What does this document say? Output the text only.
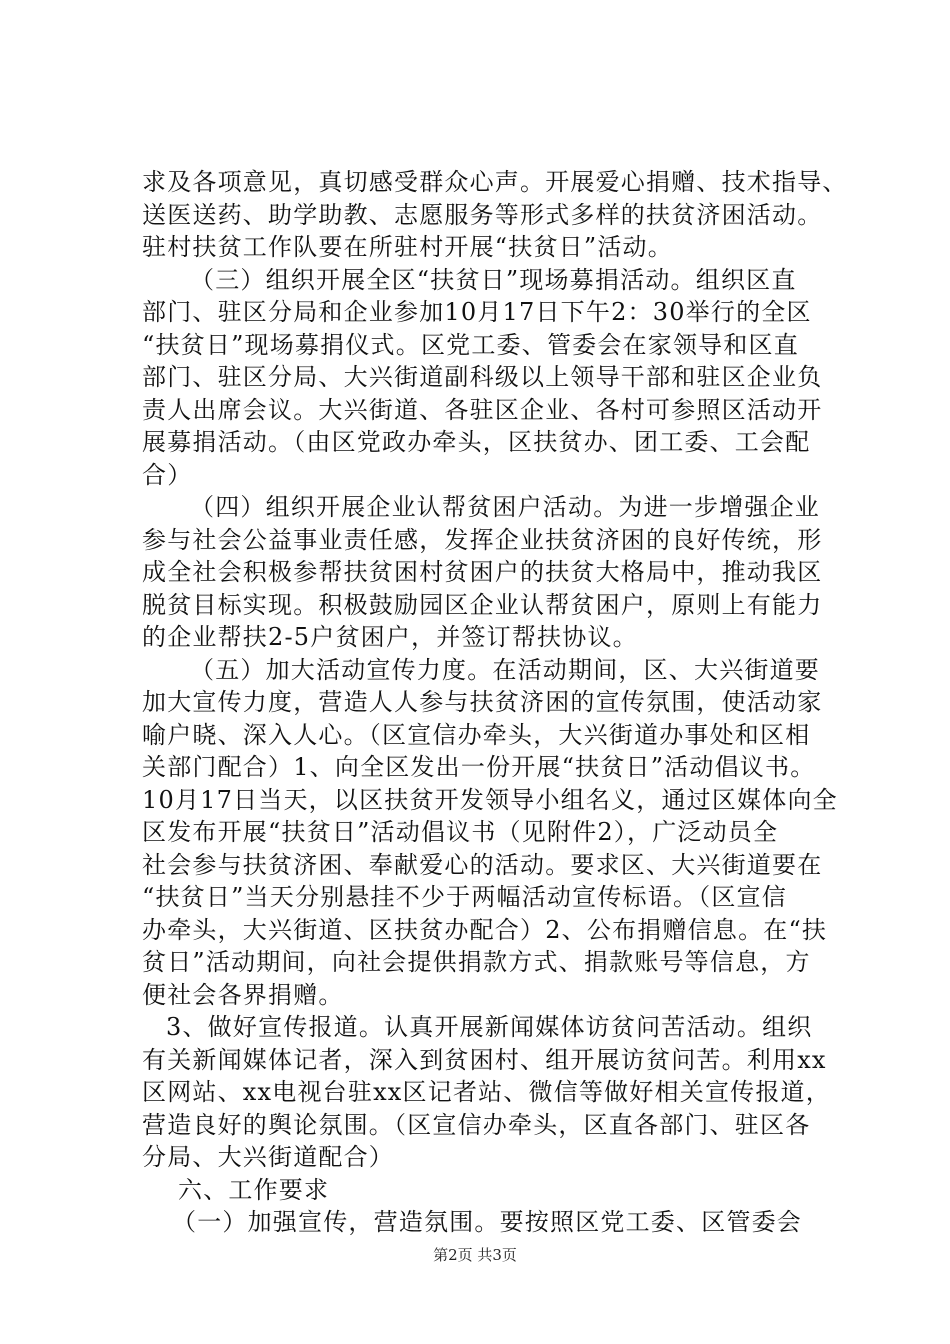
求及各项意见，真切感受群众心声。开展爱心捐赠、技术指导、
送医送药、助学助教、志愿服务等形式多样的扶贫济困活动。
驻村扶贫工作队要在所驻村开展“扶贫日”活动。
（三）组织开展全区“扶贫日”现场募捐活动。组织区直
部门、驻区分局和企业参加10月17日下午2：30举行的全区
“扶贫日”现场募捐仪式。区党工委、管委会在家领导和区直
部门、驻区分局、大兴街道副科级以上领导干部和驻区企业负
责人出席会议。大兴街道、各驻区企业、各村可参照区活动开
展募捐活动。（由区党政办牵头，区扶贫办、团工委、工会配
合）
（四）组织开展企业认帮贫困户活动。为进一步增强企业
参与社会公益事业责任感，发挥企业扶贫济困的良好传统，形
成全社会积极参帮扶贫困村贫困户的扶贫大格局中，推动我区
脱贫目标实现。积极鼓励园区企业认帮贫困户，原则上有能力
的企业帮扶2-5户贫困户，并签订帮扶协议。
（五）加大活动宣传力度。在活动期间，区、大兴街道要
加大宣传力度，营造人人参与扶贫济困的宣传氛围，使活动家
喻户晓、深入人心。（区宣信办牵头，大兴街道办事处和区相
关部门配合）1、向全区发出一份开展“扶贫日”活动倡议书。
10月17日当天，以区扶贫开发领导小组名义，通过区媒体向全
区发布开展“扶贫日”活动倡议书（见附件2），广泛动员全
社会参与扶贫济困、奉献爱心的活动。要求区、大兴街道要在
“扶贫日”当天分别悬挂不少于两幅活动宣传标语。（区宣信
办牵头，大兴街道、区扶贫办配合）2、公布捐赠信息。在“扶
贫日”活动期间，向社会提供捐款方式、捐款账号等信息，方
便社会各界捐赠。
3、做好宣传报道。认真开展新闻媒体访贫问苦活动。组织
有关新闻媒体记者，深入到贫困村、组开展访贫问苦。利用xx
区网站、xx电视台驻xx区记者站、微信等做好相关宣传报道，
营造良好的舆论氛围。（区宣信办牵头，区直各部门、驻区各
分局、大兴街道配合）
六、工作要求
（一）加强宣传，营造氛围。要按照区党工委、区管委会
第2页 共3页
